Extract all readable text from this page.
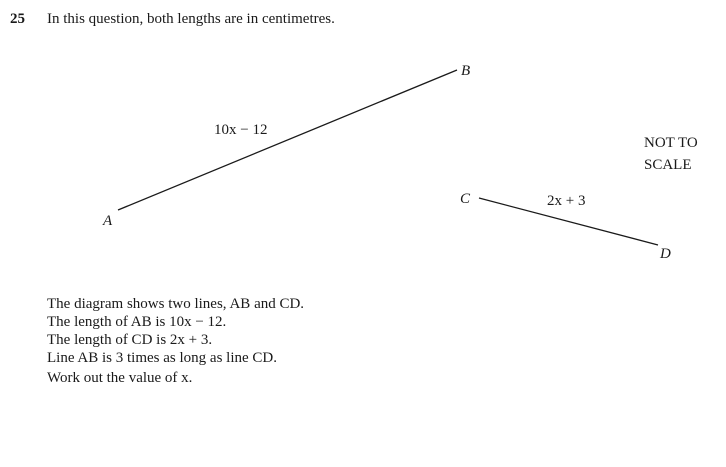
25 In this question, both lengths are in centimetres.
A
B
C
D
10x − 12
2x + 3
NOT TO
SCALE

The diagram shows two lines, AB and CD.

The length of AB is 10x − 12.

The length of CD is 2x + 3.

Line AB is 3 times as long as line CD.

Work out the value of x.
